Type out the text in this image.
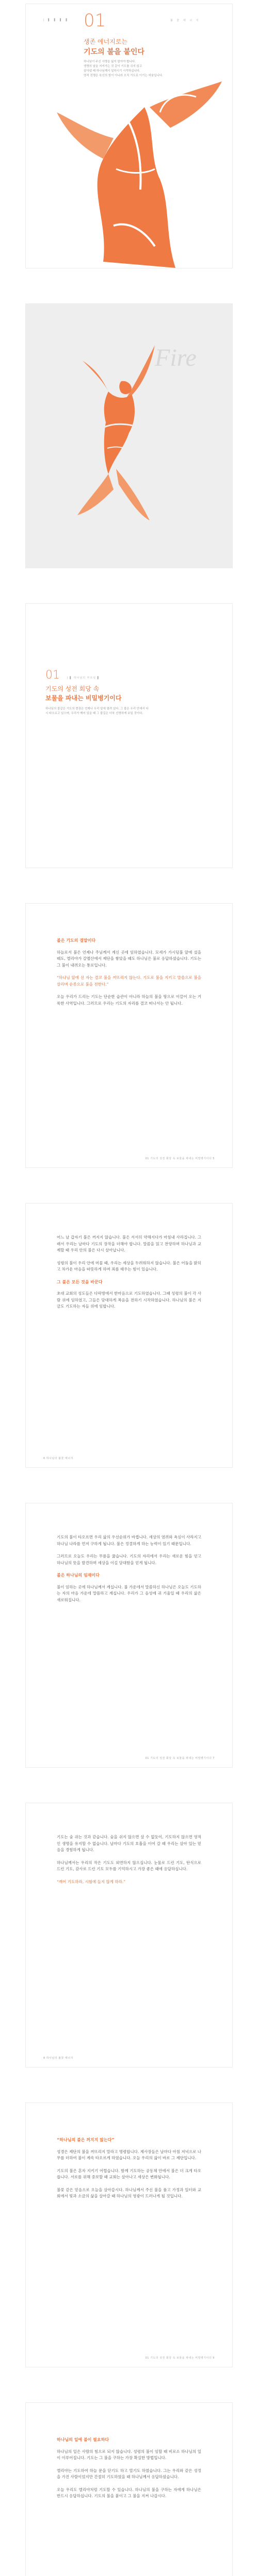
| ▌ ▌ ▌ ▌ 01	불 꽃 에 너 지
생존 에너지로는
기도의 불을 붙인다
하나님이 주신 사명을 잃지 말아야 합니다.
생명의 날을 지켜가는 것 같이 기도를 쉬지 않고
살아낼 때 하나님께서 일하시기 시작하십니다.
영적 전쟁은 육신의 힘이 아니라 오직 기도로 이기는 싸움입니다.
Fire
01	| ▌ 하나님의 부르심 ▌
기도의 성전 회당 속
보물을 파내는 비밀병기이다
하나님의 불같은 기도의 현장은 언제나 우리 앞에 열려 있다. 그 불은 우리 안에서 다시 타오르고 있으며, 우리가 깨어 있을 때 그 불길은 더욱 선명하게 보일 것이다.
불은 기도의 결말이다

하늘로서 불은 언제나 주님께서 계신 곳에 임하였습니다. 모세가 가시덤불 앞에 섰을 때도, 엘리야가 갈멜산에서 제단을 쌓았을 때도 하나님은 불로 응답하셨습니다. 기도는 그 불이 내려오는 통로입니다.

“하나님 앞에 선 자는 결코 불을 꺼뜨리지 않는다. 기도로 불을 지키고 말씀으로 불을 살리며 순종으로 불을 전한다.”

오늘 우리가 드리는 기도는 단순한 습관이 아니라 하늘의 불을 땅으로 이끌어 오는 거룩한 사역입니다. 그러므로 우리는 기도의 자리를 결코 떠나서는 안 됩니다.

01 기도의 성전 회당 속 보물을 파내는 비밀병기이다 5

어느 날 갑자기 불은 꺼지지 않습니다. 불은 서서히 약해지다가 마침내 사라집니다. 그래서 우리는 날마다 기도의 장작을 더해야 합니다. 말씀을 읽고 찬양하며 하나님과 교제할 때 우리 안의 불은 다시 살아납니다.

성령의 불이 우리 안에 머물 때, 우리는 세상을 두려워하지 않습니다. 불은 어둠을 밝히고 차가운 마음을 따뜻하게 하며 죄를 태우는 힘이 있습니다.

그 불은 모든 것을 바꾼다

초대 교회의 성도들은 다락방에서 한마음으로 기도하였습니다. 그때 성령의 불이 각 사람 위에 임하였고, 그들은 담대하게 복음을 전하기 시작하였습니다. 하나님의 불은 지금도 기도하는 자들 위에 임합니다.

6 하나님의 불꽃 에너지

기도의 불이 타오르면 우리 삶의 우선순위가 바뀝니다. 세상의 염려와 욕심이 사라지고 하나님 나라를 먼저 구하게 됩니다. 불은 정결하게 하는 능력이 있기 때문입니다.

그러므로 오늘도 우리는 무릎을 꿇습니다. 기도의 자리에서 우리는 새로운 힘을 얻고 하나님의 뜻을 발견하며 세상을 이길 담대함을 얻게 됩니다.

불은 하나님의 임재이다

불이 임하는 곳에 하나님께서 계십니다. 불 가운데서 말씀하신 하나님은 오늘도 기도하는 자의 마음 가운데 말씀하고 계십니다. 우리가 그 음성에 귀 기울일 때 우리의 삶은 새로워집니다.

01 기도의 성전 회당 속 보물을 파내는 비밀병기이다 7

기도는 숨 쉬는 것과 같습니다. 숨을 쉬지 않으면 살 수 없듯이, 기도하지 않으면 영적인 생명을 유지할 수 없습니다. 날마다 기도의 호흡을 이어 갈 때 우리는 살아 있는 믿음을 경험하게 됩니다.

하나님께서는 우리의 작은 기도도 외면하지 않으십니다. 눈물로 드린 기도, 탄식으로 드린 기도, 감사로 드린 기도 모두를 기억하시고 가장 좋은 때에 응답하십니다.

“깨어 기도하라, 시험에 들지 않게 하라.”

8 하나님의 불꽃 에너지
“하나님의 불은 꺼지지 않는다”

성경은 제단의 불을 꺼뜨리지 말라고 명령합니다. 제사장들은 날마다 아침 저녁으로 나무를 더하여 불이 계속 타오르게 하였습니다. 오늘 우리의 삶이 바로 그 제단입니다.

기도의 불은 혼자 지키기 어렵습니다. 함께 기도하는 공동체 안에서 불은 더 크게 타오릅니다. 서로를 위해 중보할 때 교회는 살아나고 세상은 변화됩니다.

불꽃 같은 믿음으로 오늘을 살아갑시다. 하나님께서 주신 불을 품고 가정과 일터와 교회에서 빛과 소금의 삶을 살아갈 때 하나님의 영광이 드러나게 될 것입니다.

01 기도의 성전 회당 속 보물을 파내는 비밀병기이다 9
하나님의 일에 불이 필요하다

하나님의 일은 사람의 힘으로 되지 않습니다. 성령의 불이 임할 때 비로소 하나님의 일이 이루어집니다. 기도는 그 불을 구하는 가장 확실한 방법입니다.

엘리야는 기도하여 하늘 문을 닫기도 하고 열기도 하였습니다. 그는 우리와 같은 성정을 가진 사람이었지만 간절히 기도하였을 때 하나님께서 응답하셨습니다.

오늘 우리도 엘리야처럼 기도할 수 있습니다. 하나님의 불을 구하는 자에게 하나님은 반드시 응답하십니다. 기도의 불을 붙이고 그 불을 지켜 나갑시다.
